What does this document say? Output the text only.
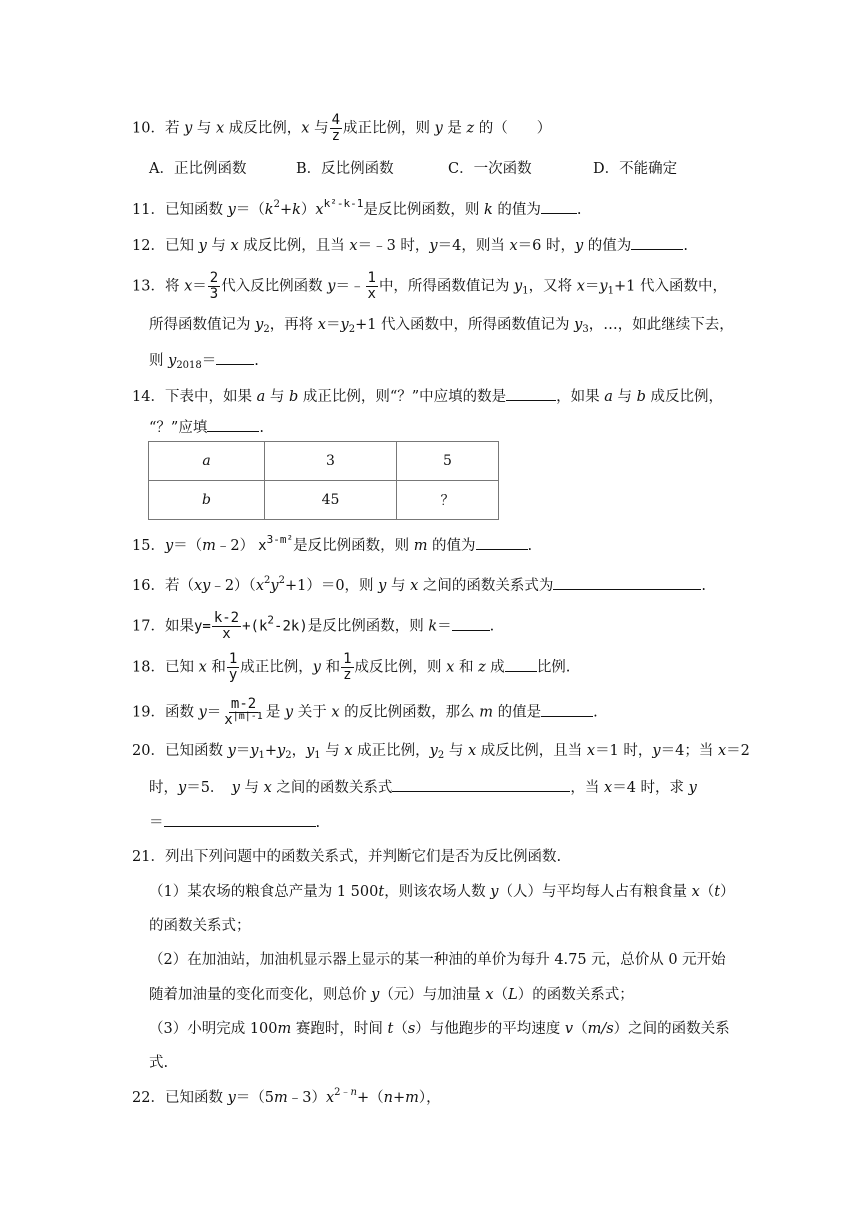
10．若 y 与 x 成反比例，x 与 $\frac{4}{z}$ 成正比例，则 y 是 z 的（　　）
A．正比例函数	B．反比例函数	C．一次函数	D．不能确定
11．已知函数 $y=(k^2+k)x^{k^2-k-1}$是反比例函数，则 k 的值为 .
12．已知 y 与 x 成反比例，且当 x＝﹣3 时，y＝4，则当 x＝6 时，y 的值为	.
13．将 $x= \frac{2}{3}$ 代入反比例函数 y＝﹣ $\frac{1}{x}$ 中，所得函数值记为 $y_1$，又将 $x=y_1+1$ 代入函数中，
所得函数值记为 $y_2$，再将 $x=y_2+1$ 代入函数中，所得函数值记为 $y_3$，…，如此继续下去，
则 $y_{2018}=$	.
14．下表中，如果 a 与 b 成正比例，则“？”中应填的数是	，如果 a 与 b 成反比例，
“？”应填	.
a	3	5
b	45	？
15．y＝（m﹣2） $x^{3-m^2}$是反比例函数，则 m 的值为	.
16．若$(xy﹣2)(x^2y^2+1)=0$，则 y 与 x 之间的函数关系式为	.
17．如果$y= \frac{k-2}{x} +(k^2-2k)$是反比例函数，则 k＝	.
18．已知 x 和 $\frac{1}{y}$ 成正比例，y 和 $\frac{1}{z}$ 成反比例，则 x 和 z 成 比例.
19．函数 $y= \frac{m-2}{x^{|m|-1}}$ 是 y 关于 x 的反比例函数，那么 m 的值是	.
20．已知函数 $y=y_1+y_2$，$y_1$ 与 x 成正比例，$y_2$ 与 x 成反比例，且当 x＝1 时，y＝4；当 x＝2
时，y＝5．　y 与 x 之间的函数关系式	，当 x＝4 时，求 y
＝	.
21．列出下列问题中的函数关系式，并判断它们是否为反比例函数.
（1）某农场的粮食总产量为 1 500t，则该农场人数 y（人）与平均每人占有粮食量 x（t）
的函数关系式；
（2）在加油站，加油机显示器上显示的某一种油的单价为每升 4.75 元，总价从 0 元开始
随着加油量的变化而变化，则总价 y（元）与加油量 x（L）的函数关系式；
（3）小明完成 100m 赛跑时，时间 t（s）与他跑步的平均速度 v（m/s）之间的函数关系
式.
22．已知函数 $y=(5m﹣3)x^{2﹣n}+(n+m)$，
